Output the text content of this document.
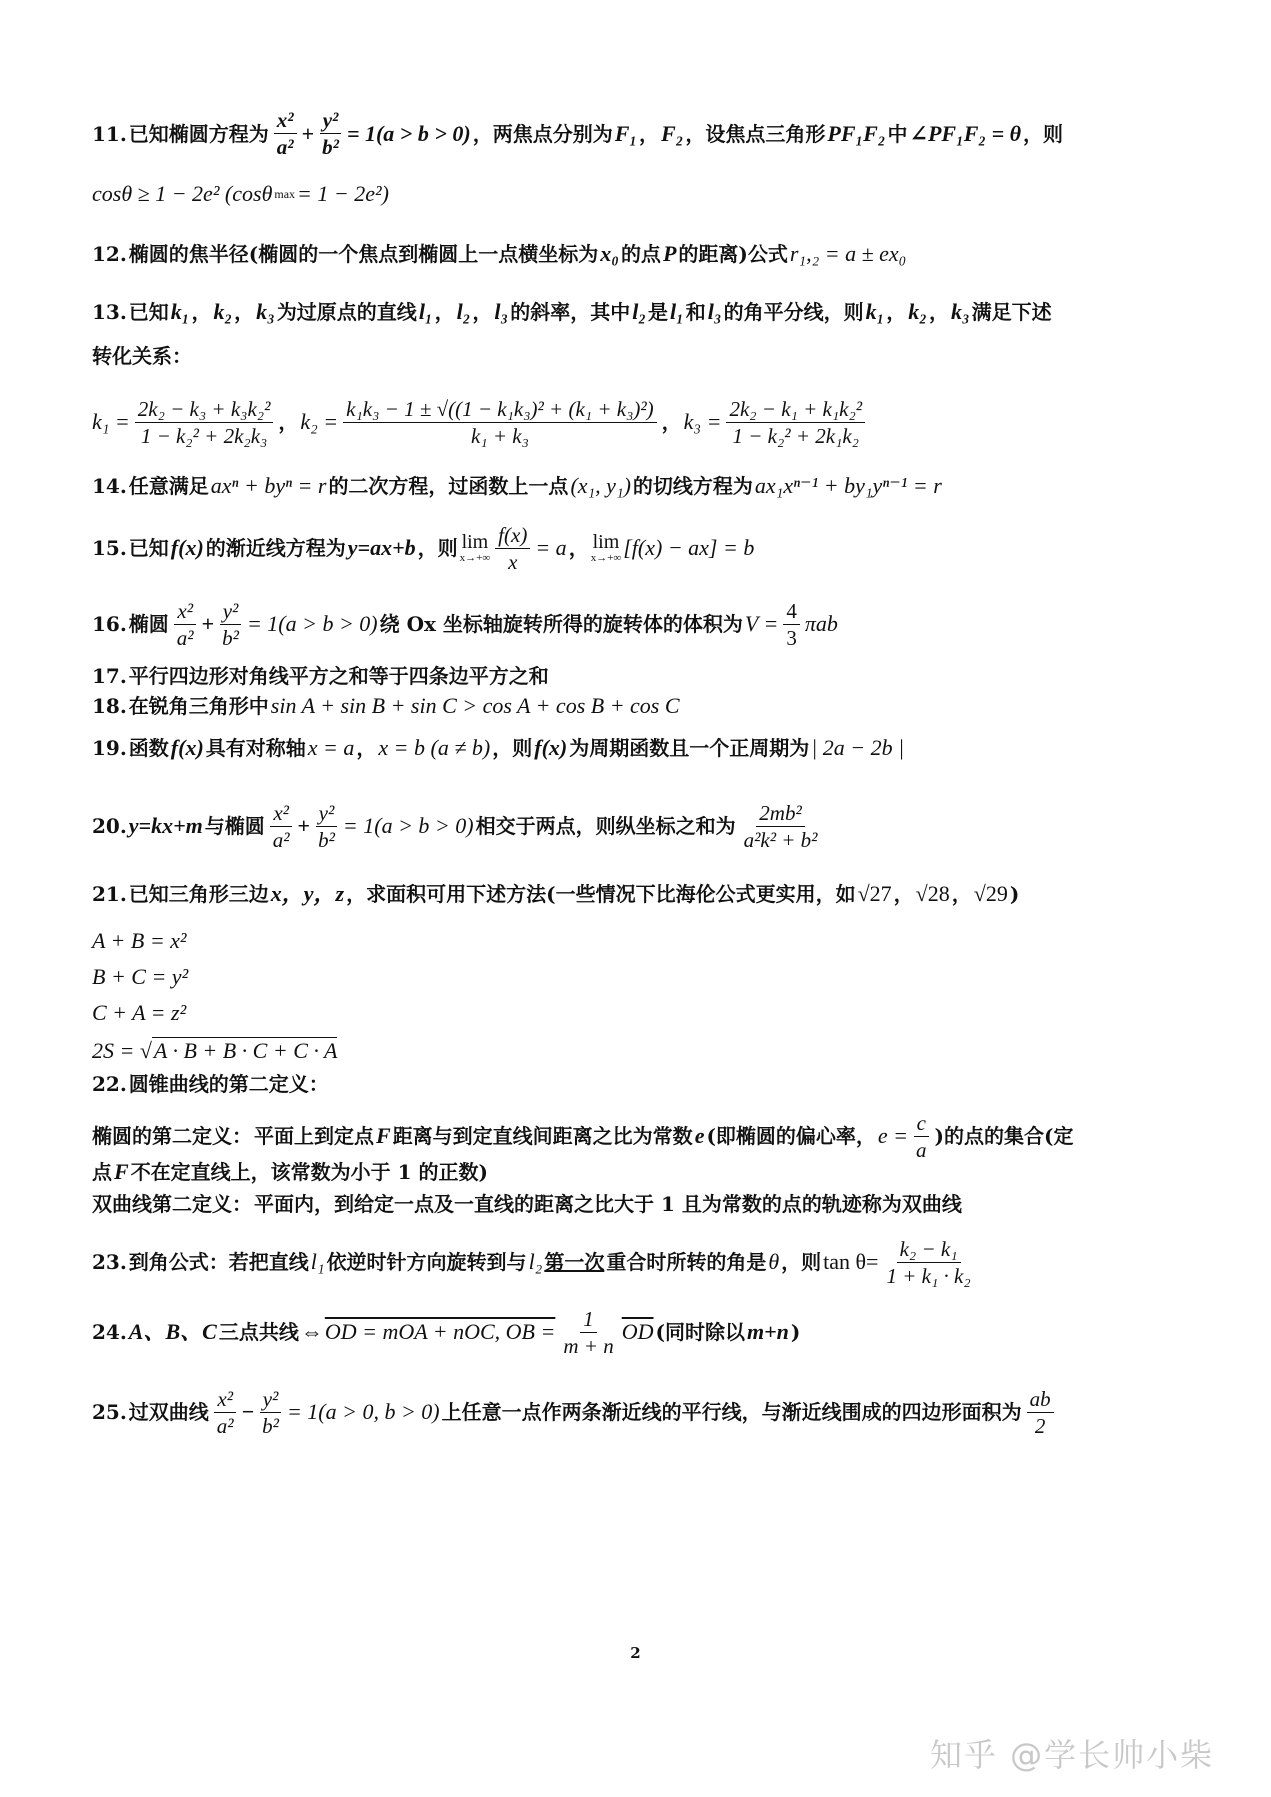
11. 已知椭圆方程为 $\frac{\text{x²}}{\text{a²}} + \frac{\text{y²}}{\text{b²}} = 1(a > b > 0)$ ，两焦点分别为 F₁ ， F₂ ，设焦点三角形 PF₁F₂ 中 ∠PF₁F₂ = θ ，则
cosθ ≥ 1 − 2e² (cosθ max = 1 − 2e²)
12. 椭圆的焦半径(椭圆的一个焦点到椭圆上一点横坐标为 x₀ 的点 P 的距离)公式 r₁,₂ = a ± ex₀
13. 已知 k₁ ， k₂ ， k₃ 为过原点的直线 l₁ ， l₂ ， l₃ 的斜率，其中 l₂ 是 l₁ 和 l₃ 的角平分线，则 k₁ ， k₂ ， k₃ 满足下述
转化关系：
$k_1 = \frac{\text{2k₂ − k₃ + k₃k₂²}}{\text{1 − k₂² + 2k₂k₃}}$ ， $k_2 = \frac{\text{k₁k₃ − 1 ± √((1 − k₁k₃)² + (k₁ + k₃)²)}}{\text{k₁ + k₃}}$ ， $k_3 = \frac{\text{2k₂ − k₁ + k₁k₂²}}{\text{1 − k₂² + 2k₁k₂}}$
14. 任意满足 axⁿ + byⁿ = r 的二次方程，过函数上一点 (x₁, y₁) 的切线方程为 ax₁xⁿ⁻¹ + by₁yⁿ⁻¹ = r
15. 已知 f(x) 的渐近线方程为 y=ax+b ，则 lim
$x\to+\infty \frac{f(x)}{x} = a$ ， lim
x→+∞ [f(x) − ax] = b
16. 椭圆 $\frac{\text{x²}}{\text{a²}} + \frac{\text{y²}}{\text{b²}} = 1(a > b > 0)$ 绕 Ox 坐标轴旋转所得的旋转体的体积为 $V = \frac{4}{3}$ πab
17. 平行四边形对角线平方之和等于四条边平方之和
18. 在锐角三角形中 sin A + sin B + sin C > cos A + cos B + cos C
19. 函数 f(x) 具有对称轴 x = a ， x = b (a ≠ b) ，则 f(x) 为周期函数且一个正周期为 | 2a − 2b |
20. y=kx+m 与椭圆 $\frac{\text{x²}}{\text{a²}} + \frac{\text{y²}}{\text{b²}} = 1(a > b > 0)$ 相交于两点，则纵坐标之和为 $\frac{\text{2mb²}}{\text{a²k² + b²}}$
21. 已知三角形三边 x，y，z ，求面积可用下述方法(一些情况下比海伦公式更实用，如 √27 ， √28 ， √29 )
A + B = x²
B + C = y²
C + A = z²
2S = √A · B + B · C + C · A
22. 圆锥曲线的第二定义：
椭圆的第二定义： 平面上到定点 F 距离与到定直线间距离之比为常数 e (即椭圆的偏心率， $e = \frac{c}{a}$ )的点的集合(定
点 F 不在定直线上，该常数为小于 1 的正数)
双曲线第二定义： 平面内，到给定一点及一直线的距离之比大于 1 且为常数的点的轨迹称为双曲线
23. 到角公式：若把直线 l₁ 依逆时针方向旋转到与 l₂ 第一次 重合时所转的角是 θ ，则 $\tan \theta= \frac{\text{k₂ − k₁}}{\text{1 + k₁ · k₂}}$
24. A、B、C 三点共线 ⇔ OD = mOA + nOC, OB = $\frac{1}{m + n} \overline{OD}$ (同时除以 m+n )
25. 过双曲线 $\frac{\text{x²}}{\text{a²}} - \frac{\text{y²}}{\text{b²}} = 1(a > 0$, b > 0) 上任意一点作两条渐近线的平行线，与渐近线围成的四边形面积为 $\frac{ab}{2}$
2
知乎 @学长帅小柴
